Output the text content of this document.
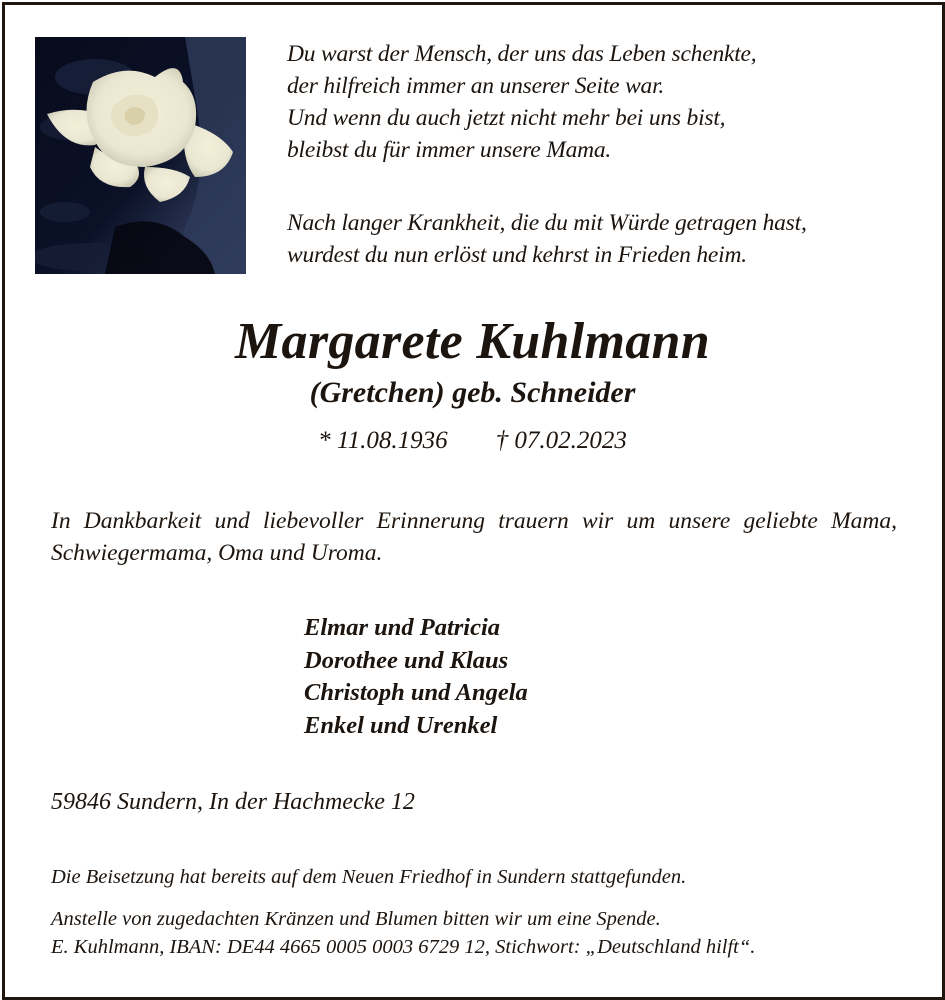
Du warst der Mensch, der uns das Leben schenkte,
der hilfreich immer an unserer Seite war.
Und wenn du auch jetzt nicht mehr bei uns bist,
bleibst du für immer unsere Mama.
Nach langer Krankheit, die du mit Würde getragen hast,
wurdest du nun erlöst und kehrst in Frieden heim.
Margarete Kuhlmann
(Gretchen) geb. Schneider
* 11.08.1936 † 07.02.2023
In Dankbarkeit und liebevoller Erinnerung trauern wir um unsere geliebte Mama, Schwiegermama, Oma und Uroma.
Elmar und Patricia
Dorothee und Klaus
Christoph und Angela
Enkel und Urenkel
59846 Sundern, In der Hachmecke 12
Die Beisetzung hat bereits auf dem Neuen Friedhof in Sundern stattgefunden.
Anstelle von zugedachten Kränzen und Blumen bitten wir um eine Spende.
E. Kuhlmann, IBAN: DE44 4665 0005 0003 6729 12, Stichwort: „Deutschland hilft“.
